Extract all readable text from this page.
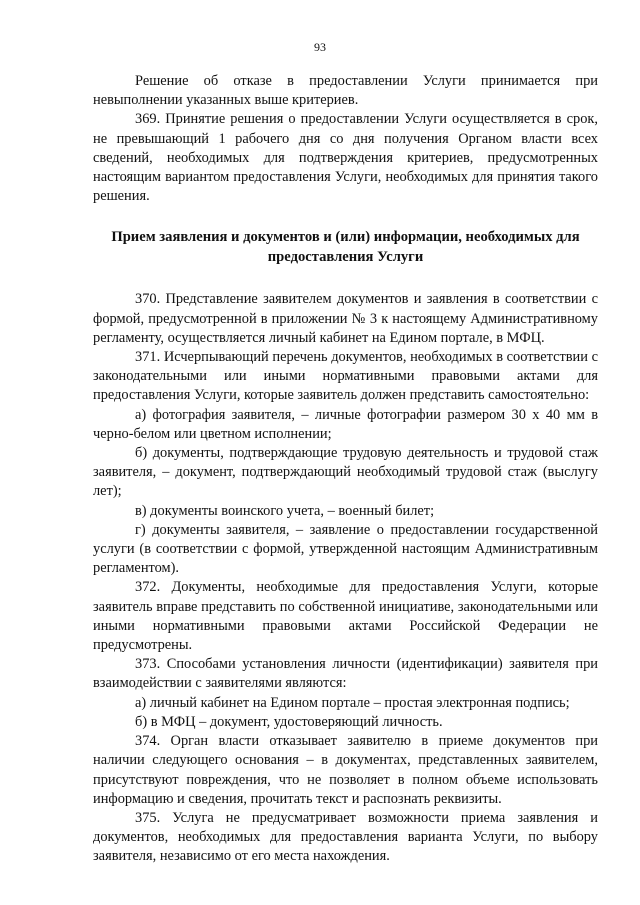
93

Решение об отказе в предоставлении Услуги принимается при невыполнении указанных выше критериев.

369. Принятие решения о предоставлении Услуги осуществляется в срок, не превышающий 1 рабочего дня со дня получения Органом власти всех сведений, необходимых для подтверждения критериев, предусмотренных настоящим вариантом предоставления Услуги, необходимых для принятия такого решения.

Прием заявления и документов и (или) информации, необходимых для предоставления Услуги

370. Представление заявителем документов и заявления в соответствии с формой, предусмотренной в приложении № 3 к настоящему Административному регламенту, осуществляется личный кабинет на Едином портале, в МФЦ.

371. Исчерпывающий перечень документов, необходимых в соответствии с законодательными или иными нормативными правовыми актами для предоставления Услуги, которые заявитель должен представить самостоятельно:

а) фотография заявителя, – личные фотографии размером 30 х 40 мм в черно-белом или цветном исполнении;

б) документы, подтверждающие трудовую деятельность и трудовой стаж заявителя, – документ, подтверждающий необходимый трудовой стаж (выслугу лет);

в) документы воинского учета, – военный билет;

г) документы заявителя, – заявление о предоставлении государственной услуги (в соответствии с формой, утвержденной настоящим Административным регламентом).

372. Документы, необходимые для предоставления Услуги, которые заявитель вправе представить по собственной инициативе, законодательными или иными нормативными правовыми актами Российской Федерации не предусмотрены.

373. Способами установления личности (идентификации) заявителя при взаимодействии с заявителями являются:

а) личный кабинет на Едином портале – простая электронная подпись;

б) в МФЦ – документ, удостоверяющий личность.

374. Орган власти отказывает заявителю в приеме документов при наличии следующего основания – в документах, представленных заявителем, присутствуют повреждения, что не позволяет в полном объеме использовать информацию и сведения, прочитать текст и распознать реквизиты.

375. Услуга не предусматривает возможности приема заявления и документов, необходимых для предоставления варианта Услуги, по выбору заявителя, независимо от его места нахождения.
